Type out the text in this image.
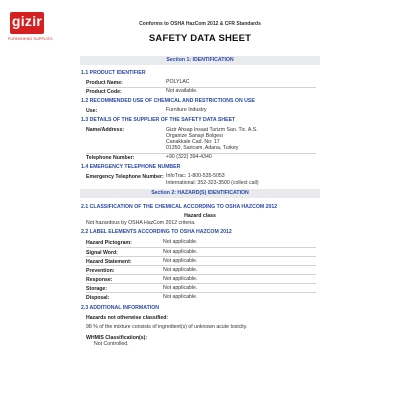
gizir
FURNISHING SUPPLIES
Conforms to OSHA HazCom 2012 & CFR Standards
SAFETY DATA SHEET
Section 1: IDENTIFICATION
1.1 PRODUCT IDENTIFIER
Product Name:	POLYLAC
Product Code:	Not available.
1.2 RECOMMENDED USE OF CHEMICAL AND RESTRICTIONS ON USE
Use:	Furniture Industry
1.3 DETAILS OF THE SUPPLIER OF THE SAFETY DATA SHEET
Name/Address:	Gizir Ahsap Insaat Turizm San. Tic. A.S.
Organize Sanayi Bolgesi
Canakkale Cad. No: 17
01350, Saricam, Adana, Turkey
Telephone Number:	+90 (322) 394-4340
1.4 EMERGENCY TELEPHONE NUMBER
Emergency Telephone Number: InfoTrac: 1-800-535-5053
International: 352-323-3500 (collect call)
Section 2: HAZARD(S) IDENTIFICATION
2.1 CLASSIFICATION OF THE CHEMICAL ACCORDING TO OSHA HAZCOM 2012
Hazard class
Not hazardous by OSHA HazCom 2012 criteria.
2.2 LABEL ELEMENTS ACCORDING TO OSHA HAZCOM 2012
Hazard Pictogram:	Not applicable.
Signal Word:	Not applicable.
Hazard Statement:	Not applicable.
Prevention:	Not applicable.
Response:	Not applicable.
Storage:	Not applicable.
Disposal:	Not applicable.
2.3 ADDITIONAL INFORMATION
Hazards not otherwise classified:
98 % of the mixture consists of ingredient(s) of unknown acute toxicity.
WHMIS Classification(s):
Not Controlled.
